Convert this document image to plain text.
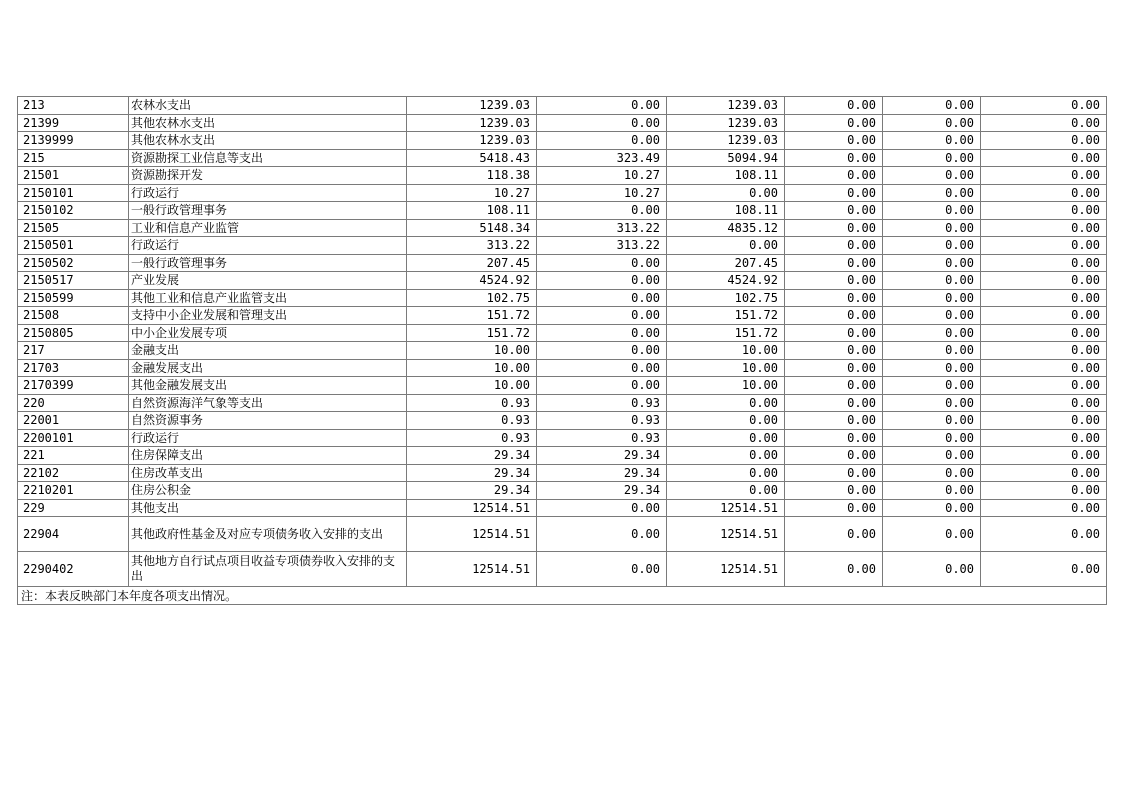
213	农林水支出	1239.03	0.00	1239.03	0.00	0.00	0.00
21399	其他农林水支出	1239.03	0.00	1239.03	0.00	0.00	0.00
2139999	其他农林水支出	1239.03	0.00	1239.03	0.00	0.00	0.00
215	资源勘探工业信息等支出	5418.43	323.49	5094.94	0.00	0.00	0.00
21501	资源勘探开发	118.38	10.27	108.11	0.00	0.00	0.00
2150101	行政运行	10.27	10.27	0.00	0.00	0.00	0.00
2150102	一般行政管理事务	108.11	0.00	108.11	0.00	0.00	0.00
21505	工业和信息产业监管	5148.34	313.22	4835.12	0.00	0.00	0.00
2150501	行政运行	313.22	313.22	0.00	0.00	0.00	0.00
2150502	一般行政管理事务	207.45	0.00	207.45	0.00	0.00	0.00
2150517	产业发展	4524.92	0.00	4524.92	0.00	0.00	0.00
2150599	其他工业和信息产业监管支出	102.75	0.00	102.75	0.00	0.00	0.00
21508	支持中小企业发展和管理支出	151.72	0.00	151.72	0.00	0.00	0.00
2150805	中小企业发展专项	151.72	0.00	151.72	0.00	0.00	0.00
217	金融支出	10.00	0.00	10.00	0.00	0.00	0.00
21703	金融发展支出	10.00	0.00	10.00	0.00	0.00	0.00
2170399	其他金融发展支出	10.00	0.00	10.00	0.00	0.00	0.00
220	自然资源海洋气象等支出	0.93	0.93	0.00	0.00	0.00	0.00
22001	自然资源事务	0.93	0.93	0.00	0.00	0.00	0.00
2200101	行政运行	0.93	0.93	0.00	0.00	0.00	0.00
221	住房保障支出	29.34	29.34	0.00	0.00	0.00	0.00
22102	住房改革支出	29.34	29.34	0.00	0.00	0.00	0.00
2210201	住房公积金	29.34	29.34	0.00	0.00	0.00	0.00
229	其他支出	12514.51	0.00	12514.51	0.00	0.00	0.00
22904	其他政府性基金及对应专项债务收入安排的支出	12514.51	0.00	12514.51	0.00	0.00	0.00
2290402	其他地方自行试点项目收益专项债券收入安排的支出	12514.51	0.00	12514.51	0.00	0.00	0.00
注：本表反映部门本年度各项支出情况。							
